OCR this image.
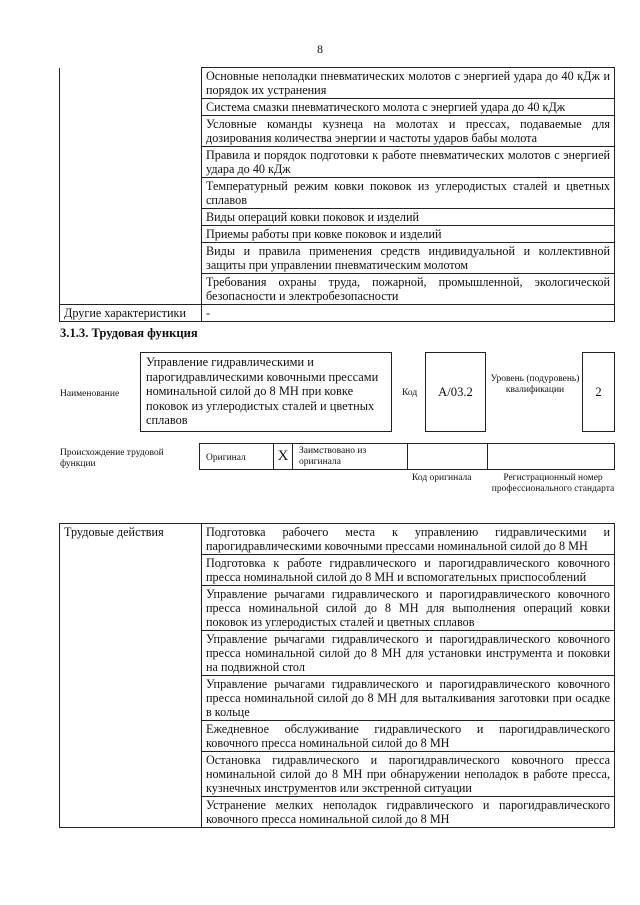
8
	Основные неполадки пневматических молотов с энергией удара до 40 кДж и порядок их устранения
	Система смазки пневматического молота с энергией удара до 40 кДж
	Условные команды кузнеца на молотах и прессах, подаваемые для дозирования количества энергии и частоты ударов бабы молота
	Правила и порядок подготовки к работе пневматических молотов с энергией удара до 40 кДж
	Температурный режим ковки поковок из углеродистых сталей и цветных сплавов
	Виды операций ковки поковок и изделий
	Приемы работы при ковке поковок и изделий
	Виды и правила применения средств индивидуальной и коллективной защиты при управлении пневматическим молотом
	Требования охраны труда, пожарной, промышленной, экологической безопасности и электробезопасности
Другие характеристики	-
3.1.3. Трудовая функция
Наименование
Управление гидравлическими и парогидравлическими ковочными прессами номинальной силой до 8 МН при ковке поковок из углеродистых сталей и цветных сплавов
Код	А/03.2
Уровень (подуровень) квалификации	2
Происхождение трудовой функции
Оригинал	X	Заимствовано из оригинала
Код оригинала	Регистрационный номер профессионального стандарта
Трудовые действия	Подготовка рабочего места к управлению гидравлическими и парогидравлическими ковочными прессами номинальной силой до 8 МН
Подготовка к работе гидравлического и парогидравлического ковочного пресса номинальной силой до 8 МН и вспомогательных приспособлений
Управление рычагами гидравлического и парогидравлического ковочного пресса номинальной силой до 8 МН для выполнения операций ковки поковок из углеродистых сталей и цветных сплавов
Управление рычагами гидравлического и парогидравлического ковочного пресса номинальной силой до 8 МН для установки инструмента и поковки на подвижной стол
Управление рычагами гидравлического и парогидравлического ковочного пресса номинальной силой до 8 МН для выталкивания заготовки при осадке в кольце
Ежедневное обслуживание гидравлического и парогидравлического ковочного пресса номинальной силой до 8 МН
Остановка гидравлического и парогидравлического ковочного пресса номинальной силой до 8 МН при обнаружении неполадок в работе пресса, кузнечных инструментов или экстренной ситуации
Устранение мелких неполадок гидравлического и парогидравлического ковочного пресса номинальной силой до 8 МН
